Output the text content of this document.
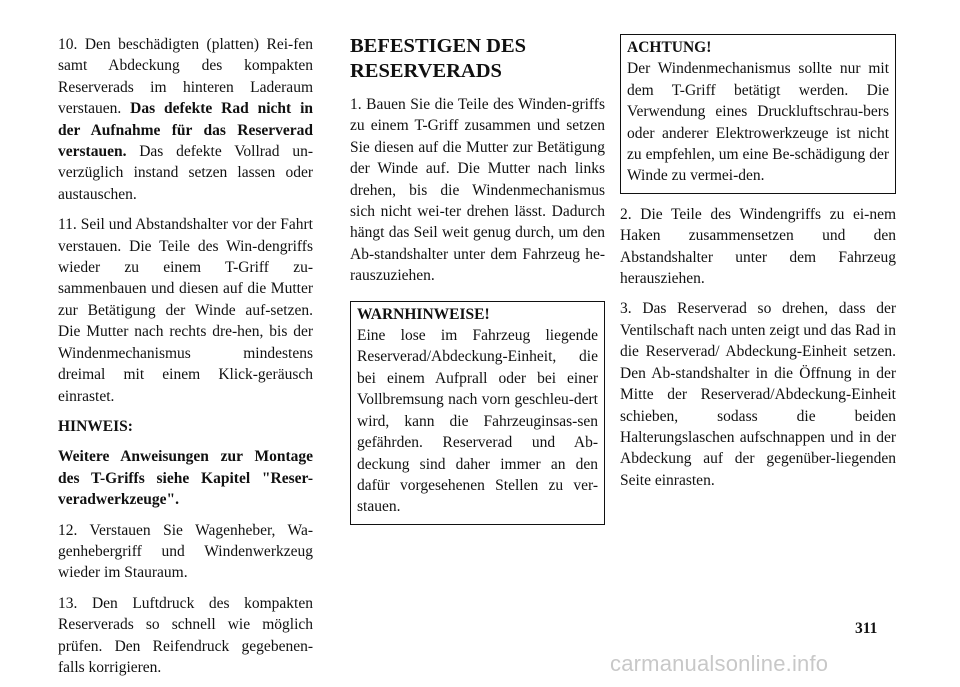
10. Den beschädigten (platten) Rei-fen samt Abdeckung des kompakten Reserverads im hinteren Laderaum verstauen. Das defekte Rad nicht in der Aufnahme für das Reserverad verstauen. Das defekte Vollrad un-verzüglich instand setzen lassen oder austauschen.

11. Seil und Abstandshalter vor der Fahrt verstauen. Die Teile des Win-dengriffs wieder zu einem T-Griff zu-sammenbauen und diesen auf die Mutter zur Betätigung der Winde auf-setzen. Die Mutter nach rechts dre-hen, bis der Windenmechanismus mindestens dreimal mit einem Klick-geräusch einrastet.

HINWEIS:

Weitere Anweisungen zur Montage des T-Griffs siehe Kapitel "Reser-veradwerkzeuge".

12. Verstauen Sie Wagenheber, Wa-genhebergriff und Windenwerkzeug wieder im Stauraum.

13. Den Luftdruck des kompakten Reserverads so schnell wie möglich prüfen. Den Reifendruck gegebenen-falls korrigieren.

BEFESTIGEN DES RESERVERADS

1. Bauen Sie die Teile des Winden-griffs zu einem T-Griff zusammen und setzen Sie diesen auf die Mutter zur Betätigung der Winde auf. Die Mutter nach links drehen, bis die Windenmechanismus sich nicht wei-ter drehen lässt. Dadurch hängt das Seil weit genug durch, um den Ab-standshalter unter dem Fahrzeug he-rauszuziehen.

WARNHINWEISE!

Eine lose im Fahrzeug liegende Reserverad/Abdeckung-Einheit, die bei einem Aufprall oder bei einer Vollbremsung nach vorn geschleu-dert wird, kann die Fahrzeuginsas-sen gefährden. Reserverad und Ab-deckung sind daher immer an den dafür vorgesehenen Stellen zu ver-stauen.

ACHTUNG!

Der Windenmechanismus sollte nur mit dem T-Griff betätigt werden. Die Verwendung eines Druckluftschrau-bers oder anderer Elektrowerkzeuge ist nicht zu empfehlen, um eine Be-schädigung der Winde zu vermei-den.

2. Die Teile des Windengriffs zu ei-nem Haken zusammensetzen und den Abstandshalter unter dem Fahrzeug herausziehen.

3. Das Reserverad so drehen, dass der Ventilschaft nach unten zeigt und das Rad in die Reserverad/ Abdeckung-Einheit setzen. Den Ab-standshalter in die Öffnung in der Mitte der Reserverad/Abdeckung-Einheit schieben, sodass die beiden Halterungslaschen aufschnappen und in der Abdeckung auf der gegenüber-liegenden Seite einrasten.

311
carmanualsonline.info
